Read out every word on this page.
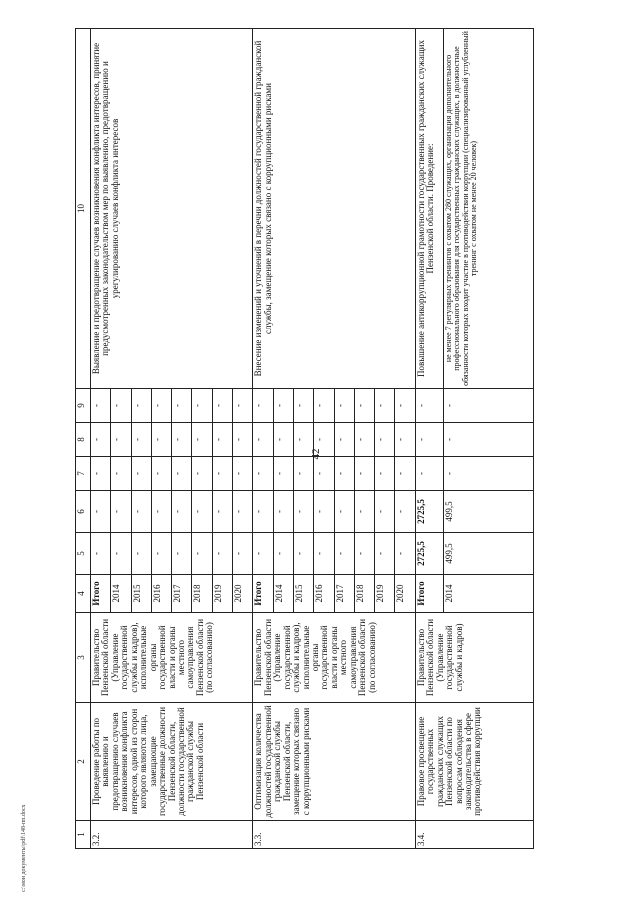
42
c:\мои документы\pdf\148-пп.docx	1	2	3	4	5	6	7	8	9	10
3.2.	Проведение работы по выявлению и предотвращению случаев возникновения конфликта интересов, одной из сторон которого являются лица, замещающие государственные должности Пензенской области, должности государственной гражданской службы Пензенской области	Правительство Пензенской области (Управление государственной службы и кадров), исполнительные органы государственной власти и органы местного самоуправления Пензенской области (по согласованию)	Итого	-	-	-	-	-	Выявление и предотвращение случаев возникновения конфликта интересов, принятие предусмотренных законодательством мер по выявлению, предотвращению и урегулированию случаев конфликта интересов
			2014	-	-	-	-	-	
			2015	-	-	-	-	-	
			2016	-	-	-	-	-	
			2017	-	-	-	-	-	
			2018	-	-	-	-	-	
			2019	-	-	-	-	-	
			2020	-	-	-	-	-	
3.3.	Оптимизация количества должностей государственной гражданской службы Пензенской области, замещение которых связано с коррупционными рисками	Правительство Пензенской области (Управление государственной службы и кадров), исполнительные органы государственной власти и органы местного самоуправления Пензенской области (по согласованию)	Итого	-	-	-	-	-	Внесение изменений и уточнений в перечни должностей государственной гражданской службы, замещение которых связано с коррупционными рисками
			2014	-	-	-	-	-	
			2015	-	-	-	-	-	
			2016	-	-	-	-	-	
			2017	-	-	-	-	-	
			2018	-	-	-	-	-	
			2019	-	-	-	-	-	
			2020	-	-	-	-	-	
3.4.	Правовое просвещение государственных гражданских служащих Пензенской области по вопросам соблюдения законодательства в сфере противодействия коррупции	Правительство Пензенской области (Управление государственной службы и кадров)	Итого	2725,5	2725,5	-	-	-	Повышение антикоррупционной грамотности государственных гражданских служащих Пензенской области. Проведение:
			2014	499,5	499,5	-	-	-	не менее 7 регулярных тренингов с охватом 280 служащих, организация дополнительного профессионального образования для государственных гражданских служащих, в должностные обязанности которых входит участие в противодействии коррупции (специализированный углубленный тренинг с охватом не менее 20 человек)
